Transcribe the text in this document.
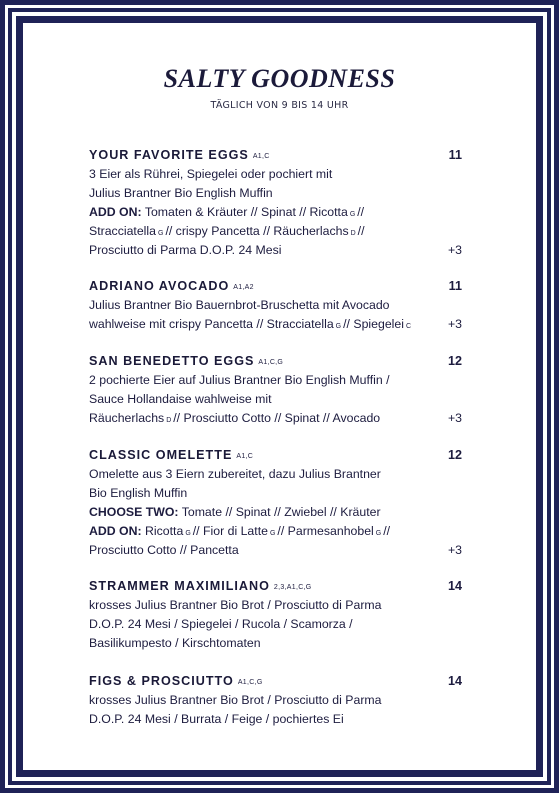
SALTY GOODNESS
TÄGLICH VON 9 BIS 14 UHR
YOUR FAVORITE EGGS A1,C	11
3 Eier als Rührei, Spiegelei oder pochiert mit
Julius Brantner Bio English Muffin
ADD ON: Tomaten & Kräuter // Spinat // Ricotta G //
Stracciatella G // crispy Pancetta // Räucherlachs D //
Prosciutto di Parma D.O.P. 24 Mesi	+3
ADRIANO AVOCADO A1,A2	11
Julius Brantner Bio Bauernbrot-Bruschetta mit Avocado
wahlweise mit crispy Pancetta // Stracciatella G // Spiegelei C	+3
SAN BENEDETTO EGGS A1,C,G	12
2 pochierte Eier auf Julius Brantner Bio English Muffin /
Sauce Hollandaise wahlweise mit
Räucherlachs D // Prosciutto Cotto // Spinat // Avocado	+3
CLASSIC OMELETTE A1,C	12
Omelette aus 3 Eiern zubereitet, dazu Julius Brantner
Bio English Muffin
CHOOSE TWO: Tomate // Spinat // Zwiebel // Kräuter
ADD ON: Ricotta G // Fior di Latte G // Parmesanhobel G //
Prosciutto Cotto // Pancetta	+3
STRAMMER MAXIMILIANO 2,3,A1,C,G	14
krosses Julius Brantner Bio Brot / Prosciutto di Parma
D.O.P. 24 Mesi / Spiegelei / Rucola / Scamorza /
Basilikumpesto / Kirschtomaten
FIGS & PROSCIUTTO A1,C,G	14
krosses Julius Brantner Bio Brot / Prosciutto di Parma
D.O.P. 24 Mesi / Burrata / Feige / pochiertes Ei
